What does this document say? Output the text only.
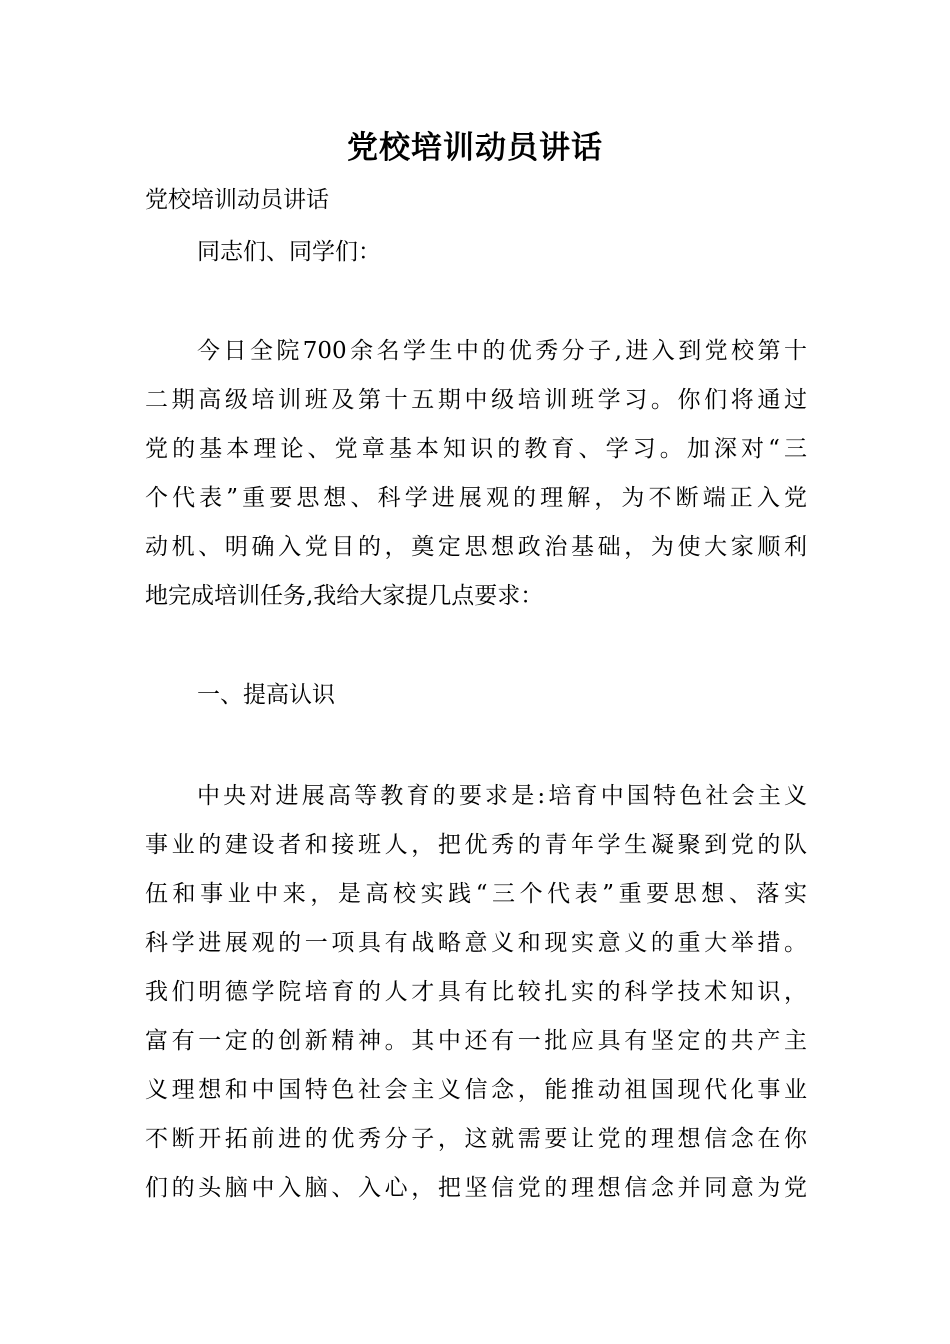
党校培训动员讲话
党校培训动员讲话
同志们、同学们：
今日全院700余名学生中的优秀分子,进入到党校第十
二期高级培训班及第十五期中级培训班学习。你们将通过
党的基本理论、党章基本知识的教育、学习。加深对“三
个代表”重要思想、科学进展观的理解，为不断端正入党
动机、明确入党目的，奠定思想政治基础，为使大家顺利
地完成培训任务,我给大家提几点要求：
一、提高认识
中央对进展高等教育的要求是:培育中国特色社会主义
事业的建设者和接班人，把优秀的青年学生凝聚到党的队
伍和事业中来，是高校实践“三个代表”重要思想、落实
科学进展观的一项具有战略意义和现实意义的重大举措。
我们明德学院培育的人才具有比较扎实的科学技术知识，
富有一定的创新精神。其中还有一批应具有坚定的共产主
义理想和中国特色社会主义信念，能推动祖国现代化事业
不断开拓前进的优秀分子，这就需要让党的理想信念在你
们的头脑中入脑、入心，把坚信党的理想信念并同意为党
